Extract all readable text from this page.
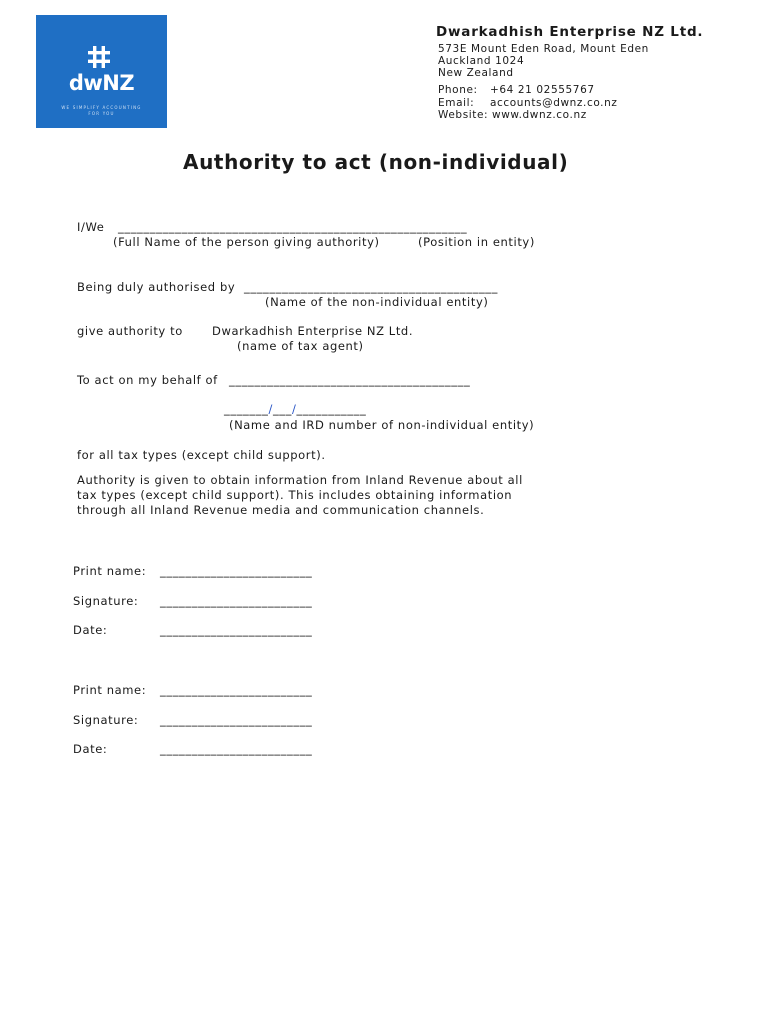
dwNZ
WE SIMPLIFY ACCOUNTING
FOR YOU
Dwarkadhish Enterprise NZ Ltd.
573E Mount Eden Road, Mount Eden
Auckland 1024
New Zealand
Phone: +64 21 02555767
Email: accounts@dwnz.co.nz
Website: www.dwnz.co.nz
Authority to act (non-individual)
I/We _______________________________________________________
(Full Name of the person giving authority)	(Position in entity)
Being duly authorised by ________________________________________
(Name of the non-individual entity)
give authority to	Dwarkadhish Enterprise NZ Ltd.
(name of tax agent)
To act on my behalf of ______________________________________
_______/___/___________
(Name and IRD number of non-individual entity)
for all tax types (except child support).
Authority is given to obtain information from Inland Revenue about all
tax types (except child support). This includes obtaining information
through all Inland Revenue media and communication channels.
Print name: ________________________
Signature: ________________________
Date:	________________________
Print name: ________________________
Signature: ________________________
Date:	________________________
